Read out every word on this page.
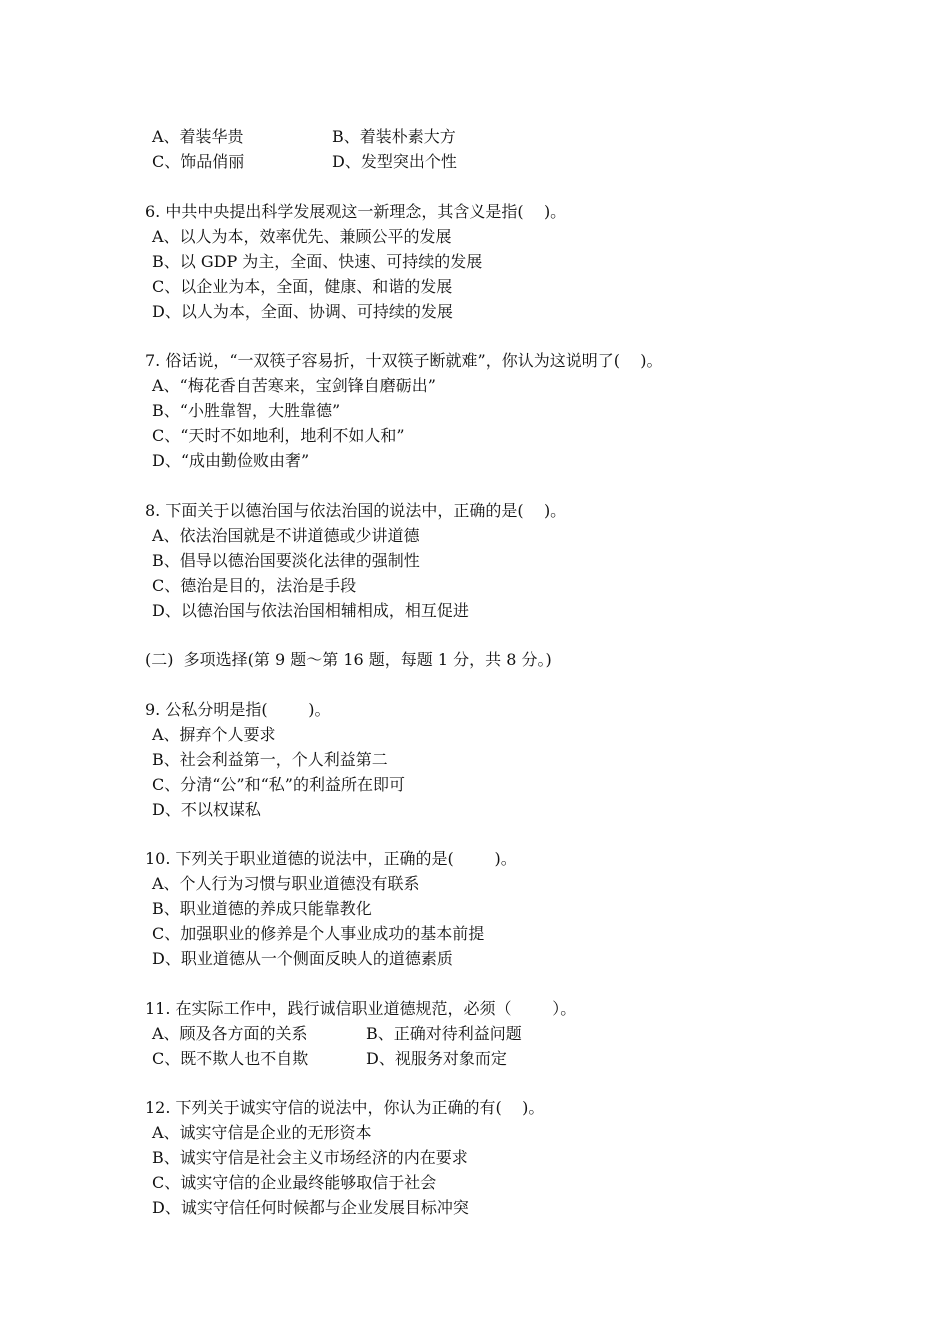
A、着装华贵	B、着装朴素大方
C、饰品俏丽	D、发型突出个性
6. 中共中央提出科学发展观这一新理念，其含义是指(    )。
A、以人为本，效率优先、兼顾公平的发展
B、以 GDP 为主，全面、快速、可持续的发展
C、以企业为本，全面，健康、和谐的发展
D、以人为本，全面、协调、可持续的发展
7. 俗话说，“一双筷子容易折，十双筷子断就难”，你认为这说明了(    )。
A、“梅花香自苦寒来，宝剑锋自磨砺出”
B、“小胜靠智，大胜靠德”
C、“天时不如地利，地利不如人和”
D、“成由勤俭败由奢”
8. 下面关于以德治国与依法治国的说法中，正确的是(    )。
A、依法治国就是不讲道德或少讲道德
B、倡导以德治国要淡化法律的强制性
C、德治是目的，法治是手段
D、以德治国与依法治国相辅相成，相互促进
(二)  多项选择(第 9 题～第 16 题，每题 1 分，共 8 分。)
9. 公私分明是指(        )。
A、摒弃个人要求
B、社会利益第一，个人利益第二
C、分清“公”和“私”的利益所在即可
D、不以权谋私
10. 下列关于职业道德的说法中，正确的是(        )。
A、个人行为习惯与职业道德没有联系
B、职业道德的养成只能靠教化
C、加强职业的修养是个人事业成功的基本前提
D、职业道德从一个侧面反映人的道德素质
11. 在实际工作中，践行诚信职业道德规范，必须（        ）。
A、顾及各方面的关系	B、正确对待利益问题
C、既不欺人也不自欺	D、视服务对象而定
12. 下列关于诚实守信的说法中，你认为正确的有(    )。
A、诚实守信是企业的无形资本
B、诚实守信是社会主义市场经济的内在要求
C、诚实守信的企业最终能够取信于社会
D、诚实守信任何时候都与企业发展目标冲突
